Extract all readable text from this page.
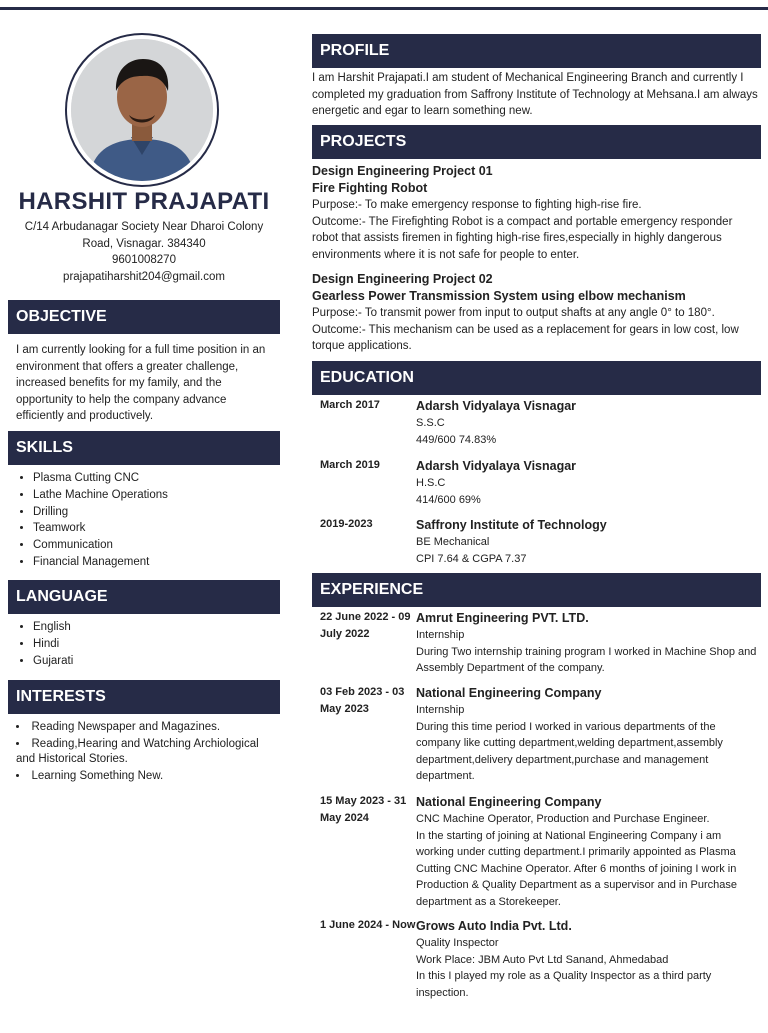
HARSHIT PRAJAPATI
C/14 Arbudanagar Society Near Dharoi Colony
Road, Visnagar. 384340
9601008270
prajapatiharshit204@gmail.com
OBJECTIVE
I am currently looking for a full time position in an environment that offers a greater challenge, increased benefits for my family, and the opportunity to help the company advance efficiently and productively.
SKILLS
• Plasma Cutting CNC
• Lathe Machine Operations
• Drilling
• Teamwork
• Communication
• Financial Management
LANGUAGE
• English
• Hindi
• Gujarati
INTERESTS
• Reading Newspaper and Magazines.
• Reading,Hearing and Watching Archiological and Historical Stories.
• Learning Something New.
PROFILE
I am Harshit Prajapati.I am student of Mechanical Engineering Branch and currently I completed my graduation from Saffrony Institute of Technology at Mehsana.I am always energetic and egar to learn something new.
PROJECTS
Design Engineering Project 01
Fire Fighting Robot
Purpose:- To make emergency response to fighting high-rise fire.
Outcome:- The Firefighting Robot is a compact and portable emergency responder robot that assists firemen in fighting high-rise fires,especially in highly dangerous environments where it is not safe for people to enter.
Design Engineering Project 02
Gearless Power Transmission System using elbow mechanism
Purpose:- To transmit power from input to output shafts at any angle 0° to 180°.
Outcome:- This mechanism can be used as a replacement for gears in low cost, low torque applications.
EDUCATION
March 2017	Adarsh Vidyalaya Visnagar
S.S.C
449/600 74.83%
March 2019	Adarsh Vidyalaya Visnagar
H.S.C
414/600 69%
2019-2023	Saffrony Institute of Technology
BE Mechanical
CPI 7.64 & CGPA 7.37
EXPERIENCE
22 June 2022 - 09 July 2022
Amrut Engineering PVT. LTD.
Internship
During Two internship training program I worked in Machine Shop and Assembly Department of the company.
03 Feb 2023 - 03 May 2023
National Engineering Company
Internship
During this time period I worked in various departments of the company like cutting department,welding department,assembly department,delivery department,purchase and management department.
15 May 2023 - 31 May 2024
National Engineering Company
CNC Machine Operator, Production and Purchase Engineer.
In the starting of joining at National Engineering Company i am working under cutting department.I primarily appointed as Plasma Cutting CNC Machine Operator. After 6 months of joining I work in Production & Quality Department as a supervisor and in Purchase department as a Storekeeper.
1 June 2024 - Now Grows Auto India Pvt. Ltd.
Quality Inspector
Work Place: JBM Auto Pvt Ltd Sanand, Ahmedabad
In this I played my role as a Quality Inspector as a third party inspection.
